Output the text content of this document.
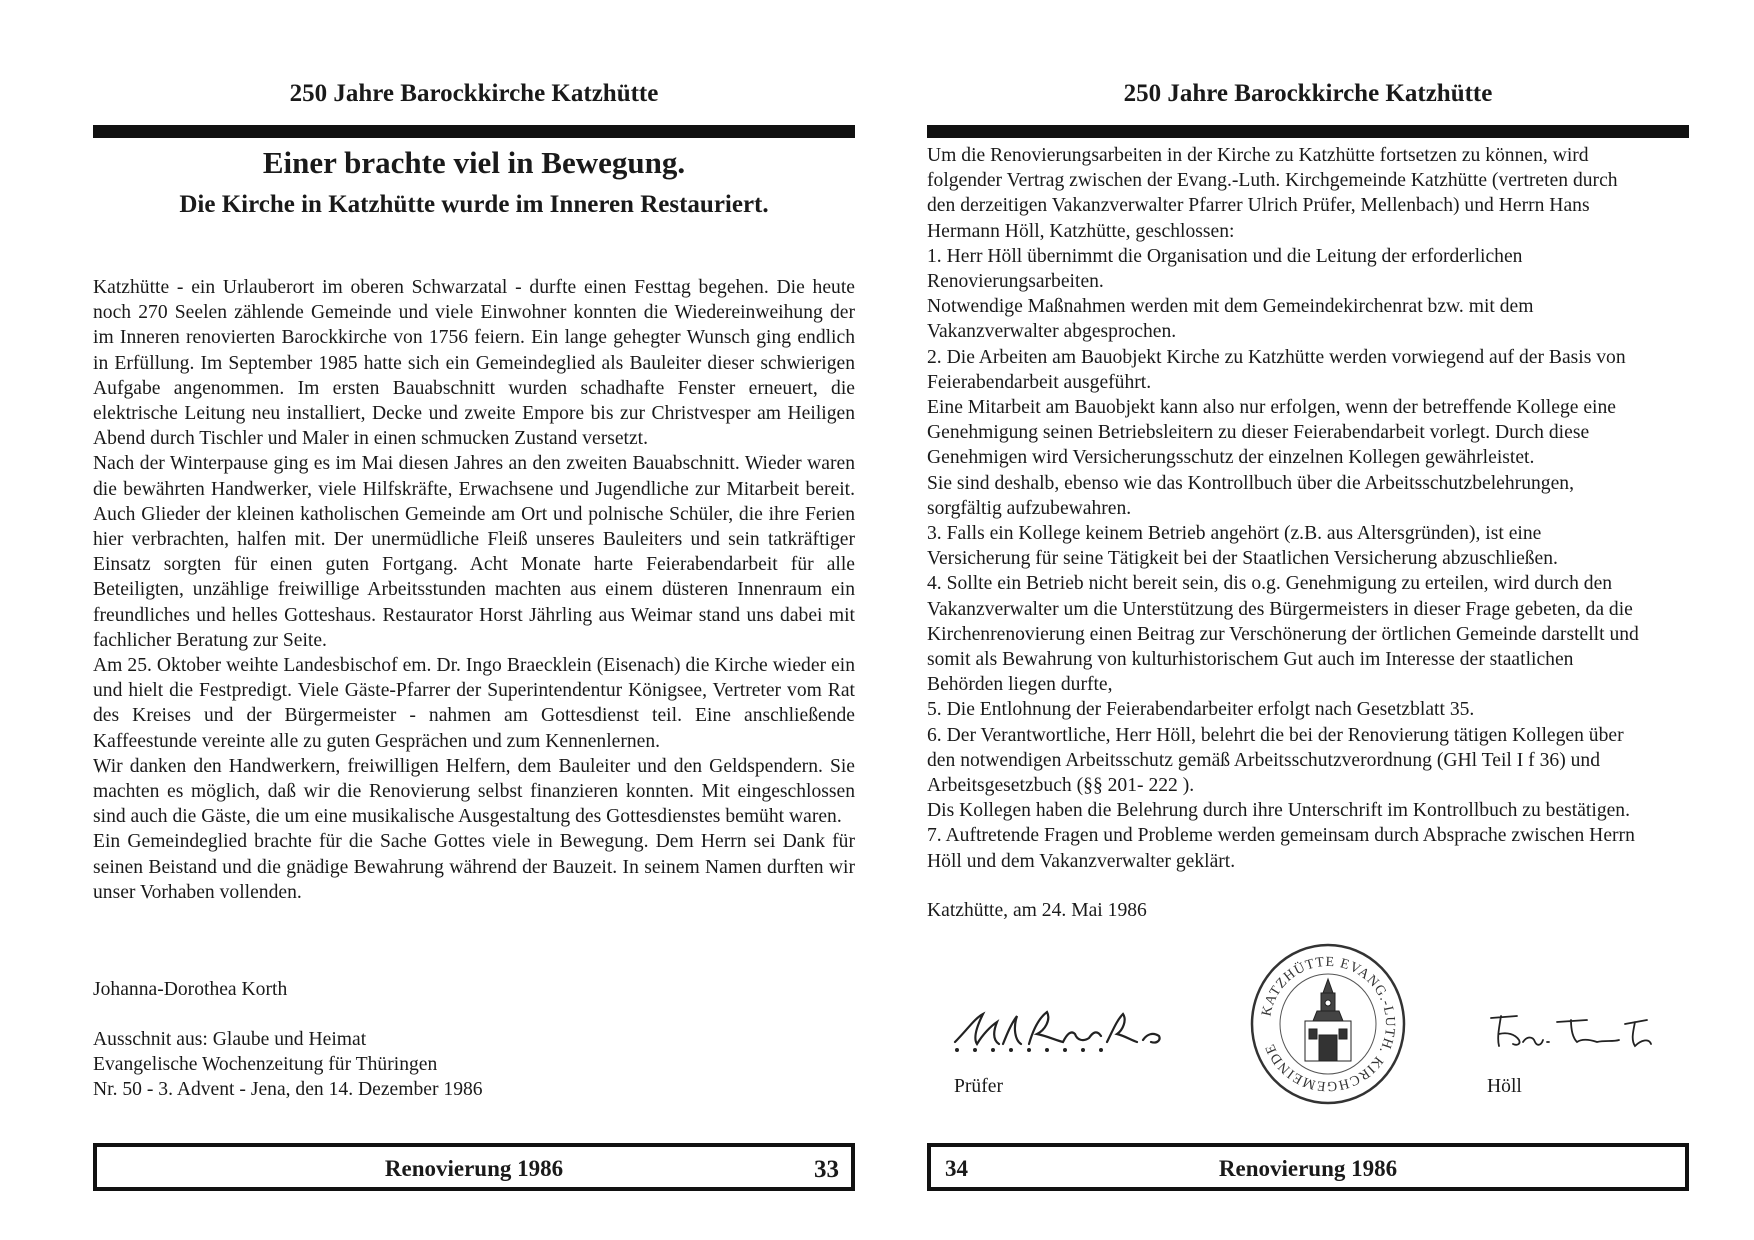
250 Jahre Barockkirche Katzhütte
Einer brachte viel in Bewegung.
Die Kirche in Katzhütte wurde im Inneren Restauriert.

Katzhütte - ein Urlauberort im oberen Schwarzatal - durfte einen Festtag begehen. Die heute noch 270 Seelen zählende Gemeinde und viele Einwohner konnten die Wiedereinweihung der im Inneren renovierten Barockkirche von 1756 feiern. Ein lange gehegter Wunsch ging endlich in Erfüllung. Im September 1985 hatte sich ein Gemeindeglied als Bauleiter dieser schwierigen Aufgabe angenommen. Im ersten Bauabschnitt wurden schadhafte Fenster erneuert, die elektrische Leitung neu installiert, Decke und zweite Empore bis zur Christvesper am Heiligen Abend durch Tischler und Maler in einen schmucken Zustand versetzt.

Nach der Winterpause ging es im Mai diesen Jahres an den zweiten Bauabschnitt. Wieder waren die bewährten Handwerker, viele Hilfskräfte, Erwachsene und Jugendliche zur Mitarbeit bereit. Auch Glieder der kleinen katholischen Gemeinde am Ort und polnische Schüler, die ihre Ferien hier verbrachten, halfen mit. Der unermüdliche Fleiß unseres Bauleiters und sein tatkräftiger Einsatz sorgten für einen guten Fortgang. Acht Monate harte Feierabendarbeit für alle Beteiligten, unzählige freiwillige Arbeitsstunden machten aus einem düsteren Innenraum ein freundliches und helles Gotteshaus. Restaurator Horst Jährling aus Weimar stand uns dabei mit fachlicher Beratung zur Seite.

Am 25. Oktober weihte Landesbischof em. Dr. Ingo Braecklein (Eisenach) die Kirche wieder ein und hielt die Festpredigt. Viele Gäste-Pfarrer der Superintendentur Königsee, Vertreter vom Rat des Kreises und der Bürgermeister - nahmen am Gottesdienst teil. Eine anschließende Kaffeestunde vereinte alle zu guten Gesprächen und zum Kennenlernen.

Wir danken den Handwerkern, freiwilligen Helfern, dem Bauleiter und den Geldspendern. Sie machten es möglich, daß wir die Renovierung selbst finanzieren konnten. Mit eingeschlossen sind auch die Gäste, die um eine musikalische Ausgestaltung des Gottesdienstes bemüht waren.

Ein Gemeindeglied brachte für die Sache Gottes viele in Bewegung. Dem Herrn sei Dank für seinen Beistand und die gnädige Bewahrung während der Bauzeit. In seinem Namen durften wir unser Vorhaben vollenden.

Johanna-Dorothea Korth
Ausschnit aus: Glaube und Heimat
Evangelische Wochenzeitung für Thüringen
Nr. 50 - 3. Advent - Jena, den 14. Dezember 1986
Renovierung 1986	33
250 Jahre Barockkirche Katzhütte
Um die Renovierungsarbeiten in der Kirche zu Katzhütte fortsetzen zu können, wird
folgender Vertrag zwischen der Evang.-Luth. Kirchgemeinde Katzhütte (vertreten durch
den derzeitigen Vakanzverwalter Pfarrer Ulrich Prüfer, Mellenbach) und Herrn Hans
Hermann Höll, Katzhütte, geschlossen:
1. Herr Höll übernimmt die Organisation und die Leitung der erforderlichen
Renovierungsarbeiten.
Notwendige Maßnahmen werden mit dem Gemeindekirchenrat bzw. mit dem
Vakanzverwalter abgesprochen.
2. Die Arbeiten am Bauobjekt Kirche zu Katzhütte werden vorwiegend auf der Basis von
Feierabendarbeit ausgeführt.
Eine Mitarbeit am Bauobjekt kann also nur erfolgen, wenn der betreffende Kollege eine
Genehmigung seinen Betriebsleitern zu dieser Feierabendarbeit vorlegt. Durch diese
Genehmigen wird Versicherungsschutz der einzelnen Kollegen gewährleistet.
Sie sind deshalb, ebenso wie das Kontrollbuch über die Arbeitsschutzbelehrungen,
sorgfältig aufzubewahren.
3. Falls ein Kollege keinem Betrieb angehört (z.B. aus Altersgründen), ist eine
Versicherung für seine Tätigkeit bei der Staatlichen Versicherung abzuschließen.
4. Sollte ein Betrieb nicht bereit sein, dis o.g. Genehmigung zu erteilen, wird durch den
Vakanzverwalter um die Unterstützung des Bürgermeisters in dieser Frage gebeten, da die
Kirchenrenovierung einen Beitrag zur Verschönerung der örtlichen Gemeinde darstellt und
somit als Bewahrung von kulturhistorischem Gut auch im Interesse der staatlichen
Behörden liegen durfte,
5. Die Entlohnung der Feierabendarbeiter erfolgt nach Gesetzblatt 35.
6. Der Verantwortliche, Herr Höll, belehrt die bei der Renovierung tätigen Kollegen über
den notwendigen Arbeitsschutz gemäß Arbeitsschutzverordnung (GHl Teil I f 36) und
Arbeitsgesetzbuch (§§ 201- 222 ).
Dis Kollegen haben die Belehrung durch ihre Unterschrift im Kontrollbuch zu bestätigen.
7. Auftretende Fragen und Probleme werden gemeinsam durch Absprache zwischen Herrn
Höll und dem Vakanzverwalter geklärt.
Katzhütte, am 24. Mai 1986
Prüfer
KATZHÜTTE EVANG.-LUTH. KIRCHGEMEINDE
Höll
Renovierung 1986
34
